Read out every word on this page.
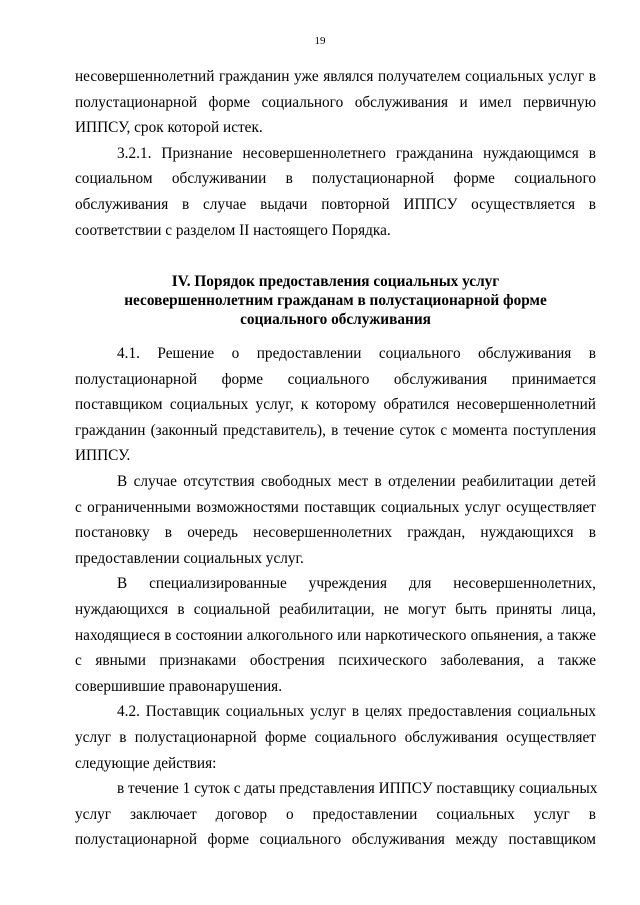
19
несовершеннолетний гражданин уже являлся получателем социальных услуг в
полустационарной форме социального обслуживания и имел первичную
ИППСУ, срок которой истек.
3.2.1. Признание несовершеннолетнего гражданина нуждающимся в
социальном обслуживании в полустационарной форме социального
обслуживания в случае выдачи повторной ИППСУ осуществляется в
соответствии с разделом II настоящего Порядка.
IV. Порядок предоставления социальных услуг
несовершеннолетним гражданам в полустационарной форме
социального обслуживания
4.1. Решение о предоставлении социального обслуживания в
полустационарной форме социального обслуживания принимается
поставщиком социальных услуг, к которому обратился несовершеннолетний
гражданин (законный представитель), в течение суток с момента поступления
ИППСУ.
В случае отсутствия свободных мест в отделении реабилитации детей
с ограниченными возможностями поставщик социальных услуг осуществляет
постановку в очередь несовершеннолетних граждан, нуждающихся в
предоставлении социальных услуг.
В специализированные учреждения для несовершеннолетних,
нуждающихся в социальной реабилитации, не могут быть приняты лица,
находящиеся в состоянии алкогольного или наркотического опьянения, а также
с явными признаками обострения психического заболевания, а также
совершившие правонарушения.
4.2. Поставщик социальных услуг в целях предоставления социальных
услуг в полустационарной форме социального обслуживания осуществляет
следующие действия:
в течение 1 суток с даты представления ИППСУ поставщику социальных
услуг заключает договор о предоставлении социальных услуг в
полустационарной форме социального обслуживания между поставщиком
